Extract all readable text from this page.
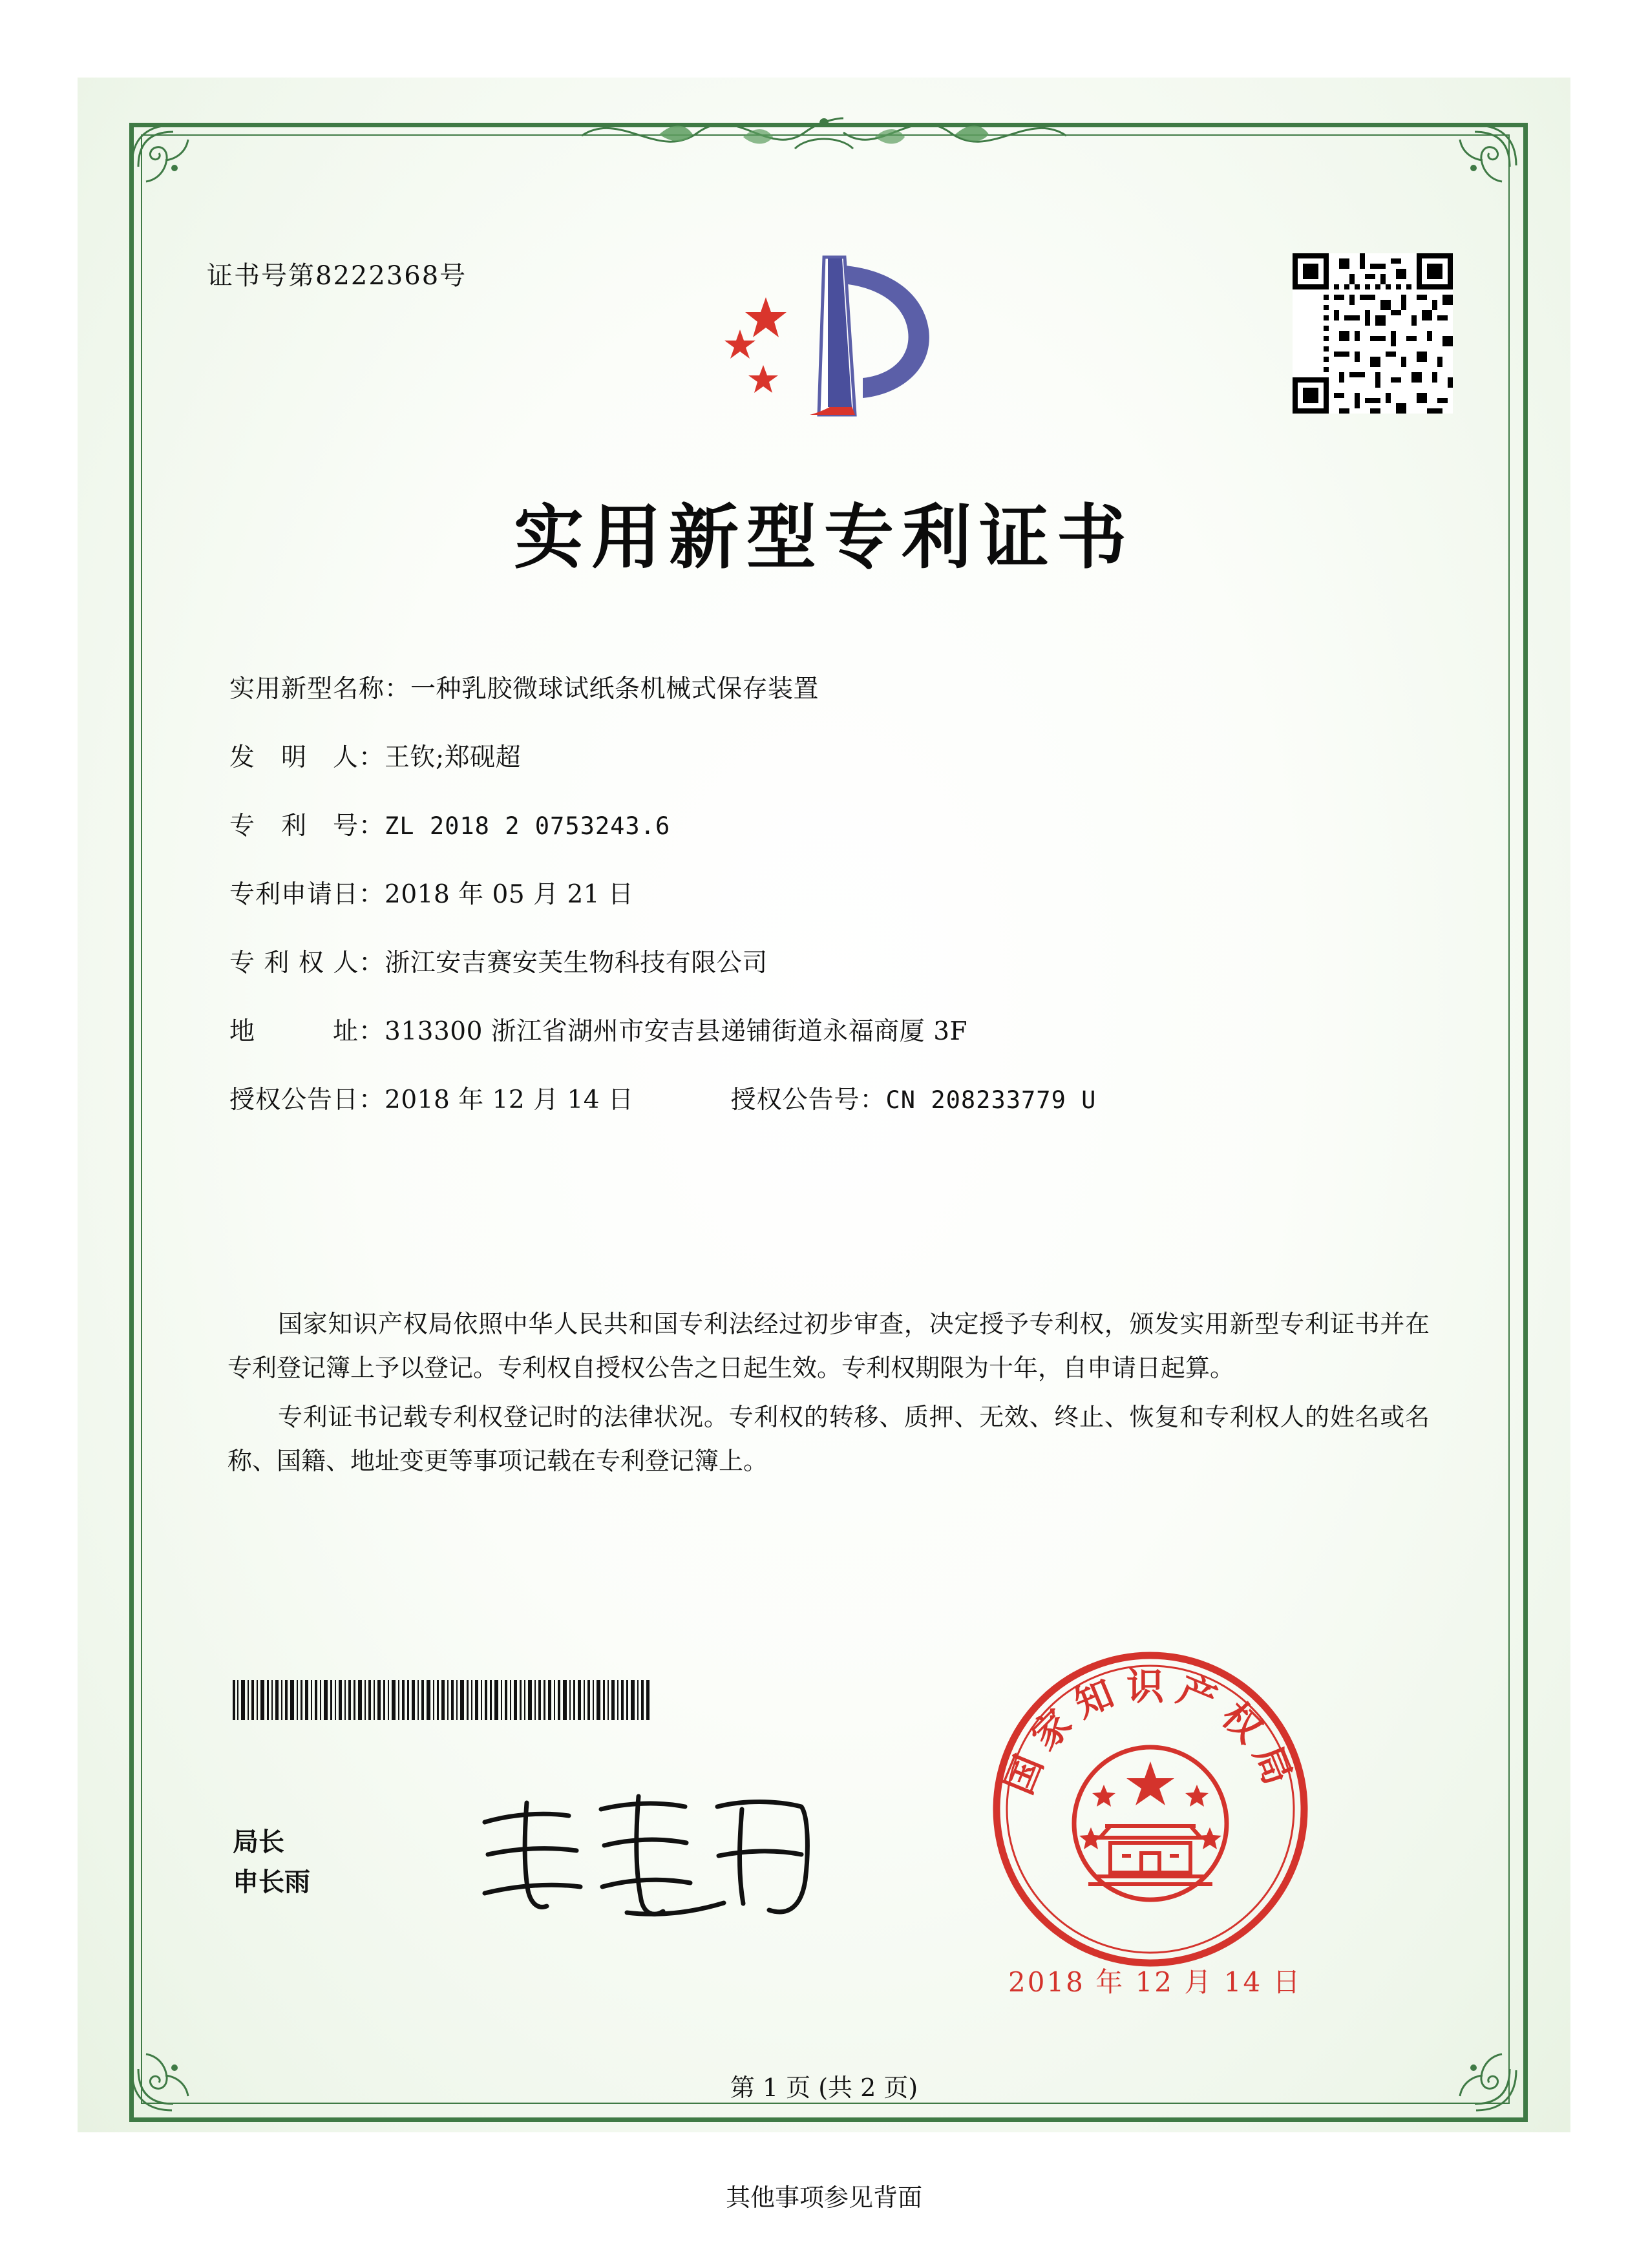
证书号第8222368号
实用新型专利证书
实用新型名称： 一种乳胶微球试纸条机械式保存装置
发　明　人： 王钦;郑砚超
专　利　号： ZL 2018 2 0753243.6
专利申请日： 2018 年 05 月 21 日
专 利 权 人： 浙江安吉赛安芙生物科技有限公司
地　　　址： 313300 浙江省湖州市安吉县递铺街道永福商厦 3F
授权公告日： 2018 年 12 月 14 日	授权公告号： CN 208233779 U

国家知识产权局依照中华人民共和国专利法经过初步审查，决定授予专利权，颁发实用新型专利证书并在专利登记簿上予以登记。专利权自授权公告之日起生效。专利权期限为十年，自申请日起算。

专利证书记载专利权登记时的法律状况。专利权的转移、质押、无效、终止、恢复和专利权人的姓名或名称、国籍、地址变更等事项记载在专利登记簿上。

局长
申长雨
国家知识产权局
2018 年 12 月 14 日
第 1 页 (共 2 页)
其他事项参见背面
